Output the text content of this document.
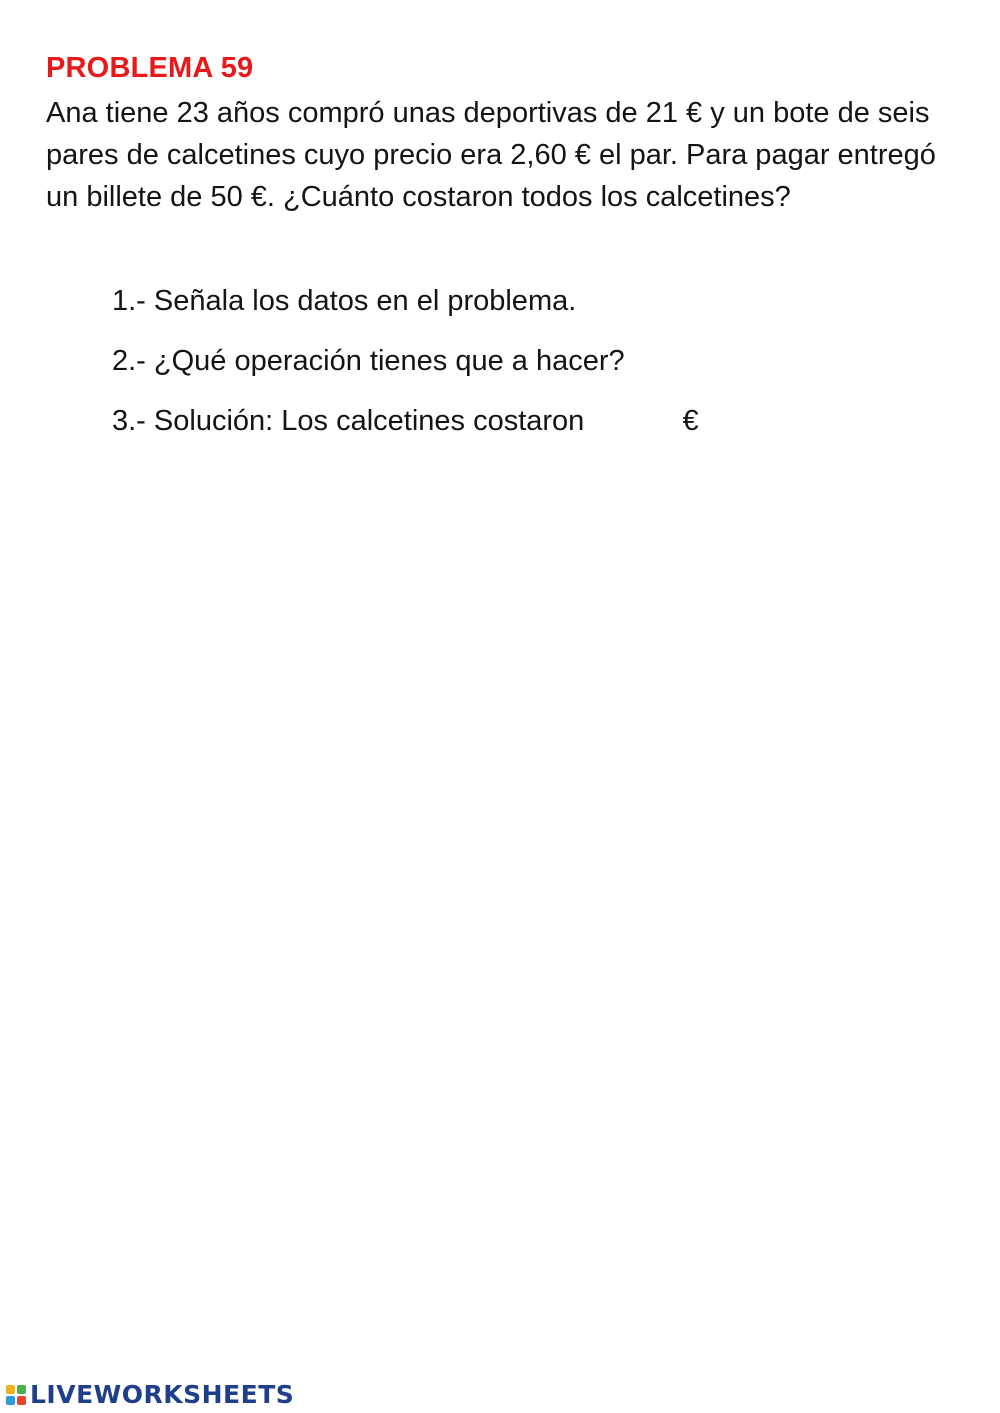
PROBLEMA 59
Ana tiene 23 años compró unas deportivas de 21 € y un bote de seis pares de calcetines cuyo precio era 2,60 € el par. Para pagar entregó un billete de 50 €. ¿Cuánto costaron todos los calcetines?
1.- Señala los datos en el problema.
2.- ¿Qué operación tienes que a hacer?
3.- Solución: Los calcetines costaron	€
LIVEWORKSHEETS
